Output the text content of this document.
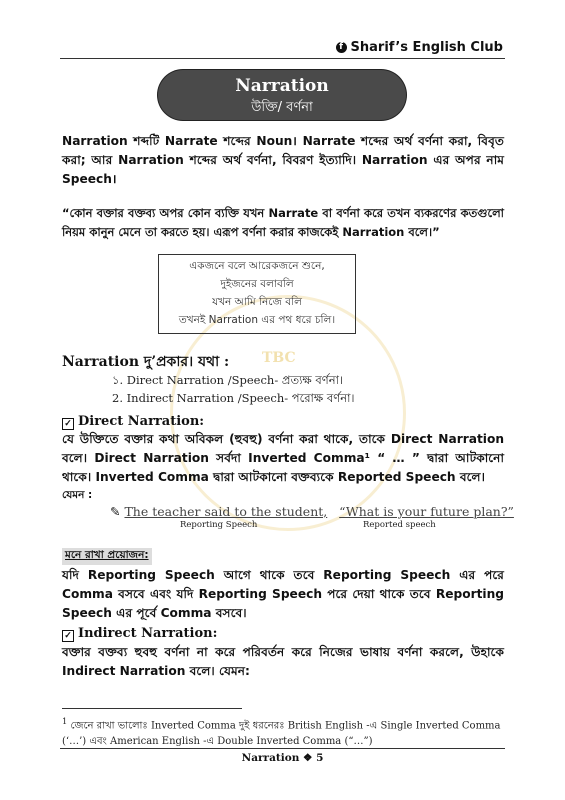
TBC
f Sharif’s English Club
Narration
উক্তি/ বর্ণনা
Narration শব্দটি Narrate শব্দের Noun। Narrate শব্দের অর্থ বর্ণনা করা, বিবৃত করা; আর Narration শব্দের অর্থ বর্ণনা, বিবরণ ইত্যাদি। Narration এর অপর নাম Speech।
“কোন বক্তার বক্তব্য অপর কোন ব্যক্তি যখন Narrate বা বর্ণনা করে তখন ব্যকরণের কতগুলো নিয়ম কানুন মেনে তা করতে হয়। এরূপ বর্ণনা করার কাজকেই Narration বলে।”
একজনে বলে আরেকজনে শুনে,
দুইজনের বলাবলি
যখন আমি নিজে বলি
তখনই Narration এর পথ ধরে চলি।
Narration দু’প্রকার। যথা :
১. Direct Narration /Speech- প্রত্যক্ষ বর্ণনা।
2. Indirect Narration /Speech- পরোক্ষ বর্ণনা।
✓ Direct Narration:
যে উক্তিতে বক্তার কথা অবিকল (হুবহু) বর্ণনা করা থাকে, তাকে Direct Narration বলে। Direct Narration সর্বদা Inverted Comma¹ “ … ” দ্বারা আটকানো থাকে। Inverted Comma দ্বারা আটকানো বক্তব্যকে Reported Speech বলে।
যেমন :
✎ The teacher said to the student, “What is your future plan?”
Reporting Speech	Reported speech
মনে রাখা প্রয়োজন:
যদি Reporting Speech আগে থাকে তবে Reporting Speech এর পরে Comma বসবে এবং যদি Reporting Speech পরে দেয়া থাকে তবে Reporting Speech এর পূর্বে Comma বসবে।
✓ Indirect Narration:
বক্তার বক্তব্য হুবহু বর্ণনা না করে পরিবর্তন করে নিজের ভাষায় বর্ণনা করলে, উহাকে Indirect Narration বলে। যেমন:
$^1$ জেনে রাখা ভালোঃ Inverted Comma দুই ধরনেরঃ British English -এ Single Inverted Comma (‘…’) এবং American English -এ Double Inverted Comma (“…”)
Narration ❖ 5
